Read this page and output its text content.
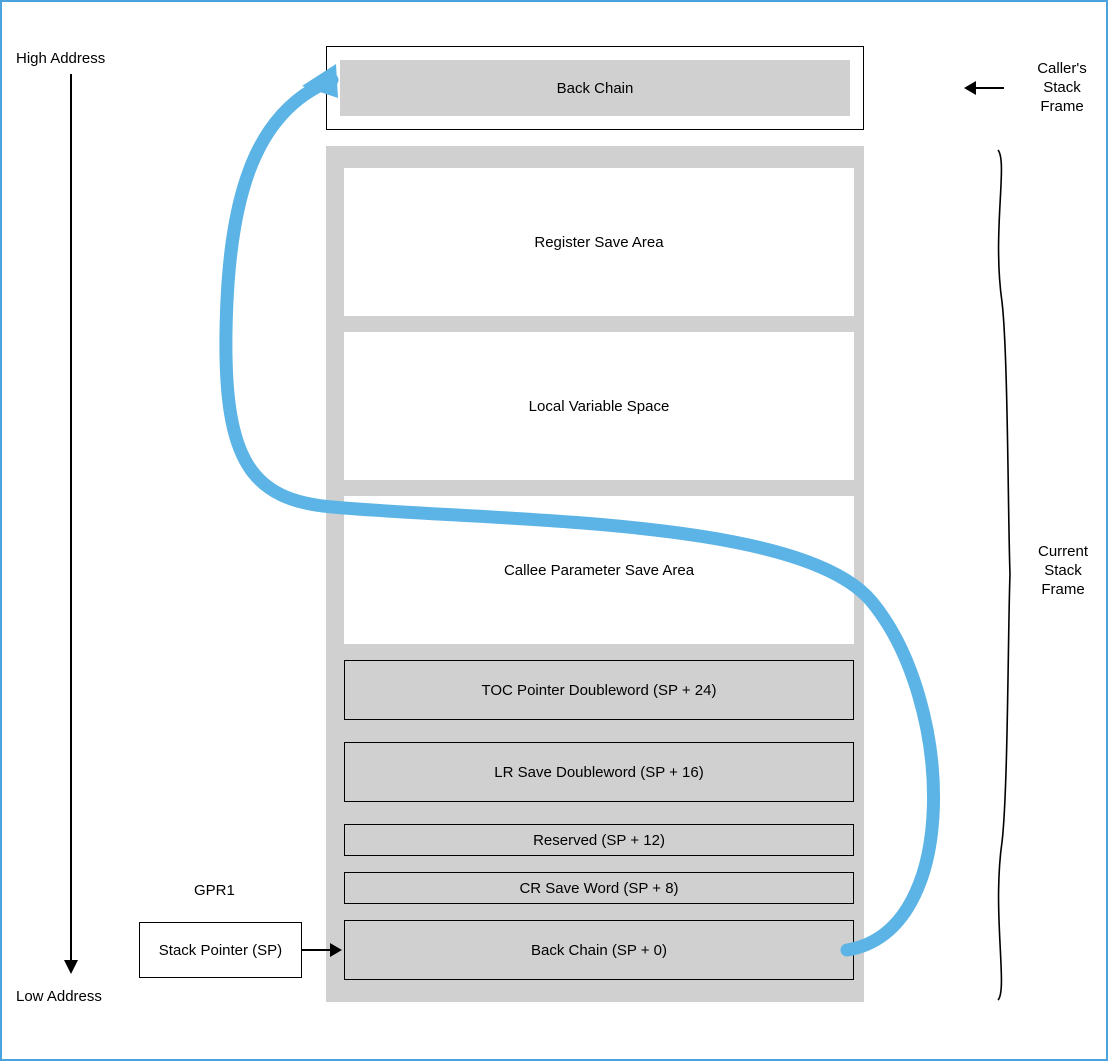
High Address
Low Address
Back Chain
Register Save Area
Local Variable Space
Callee Parameter Save Area
TOC Pointer Doubleword (SP + 24)
LR Save Doubleword (SP + 16)
Reserved (SP + 12)
CR Save Word (SP + 8)
Back Chain (SP + 0)
GPR1
Stack Pointer (SP)
Caller's
Stack
Frame
Current
Stack
Frame
